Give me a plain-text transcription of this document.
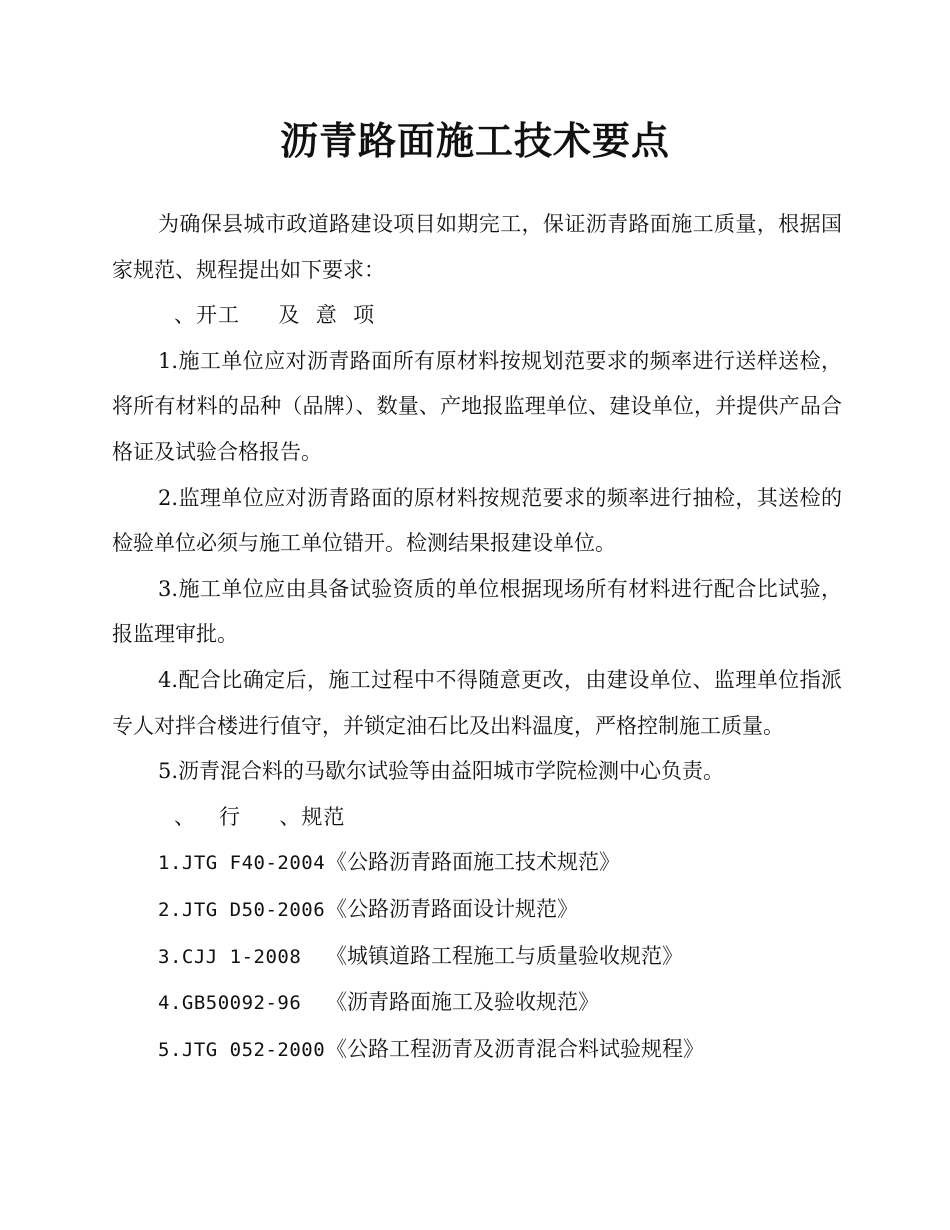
沥青路面施工技术要点

为确保县城市政道路建设项目如期完工，保证沥青路面施工质量，根据国家规范、规程提出如下要求：

、开工     及  意  项

1.施工单位应对沥青路面所有原材料按规划范要求的频率进行送样送检，将所有材料的品种（品牌）、数量、产地报监理单位、建设单位，并提供产品合格证及试验合格报告。

2.监理单位应对沥青路面的原材料按规范要求的频率进行抽检，其送检的检验单位必须与施工单位错开。检测结果报建设单位。

3.施工单位应由具备试验资质的单位根据现场所有材料进行配合比试验，报监理审批。

4.配合比确定后，施工过程中不得随意更改，由建设单位、监理单位指派专人对拌合楼进行值守，并锁定油石比及出料温度，严格控制施工质量。

5.沥青混合料的马歇尔试验等由益阳城市学院检测中心负责。

、   行     、规范

1.JTG F40-2004《公路沥青路面施工技术规范》

2.JTG D50-2006《公路沥青路面设计规范》

3.CJJ 1-2008 《城镇道路工程施工与质量验收规范》

4.GB50092-96 《沥青路面施工及验收规范》

5.JTG 052-2000《公路工程沥青及沥青混合料试验规程》
